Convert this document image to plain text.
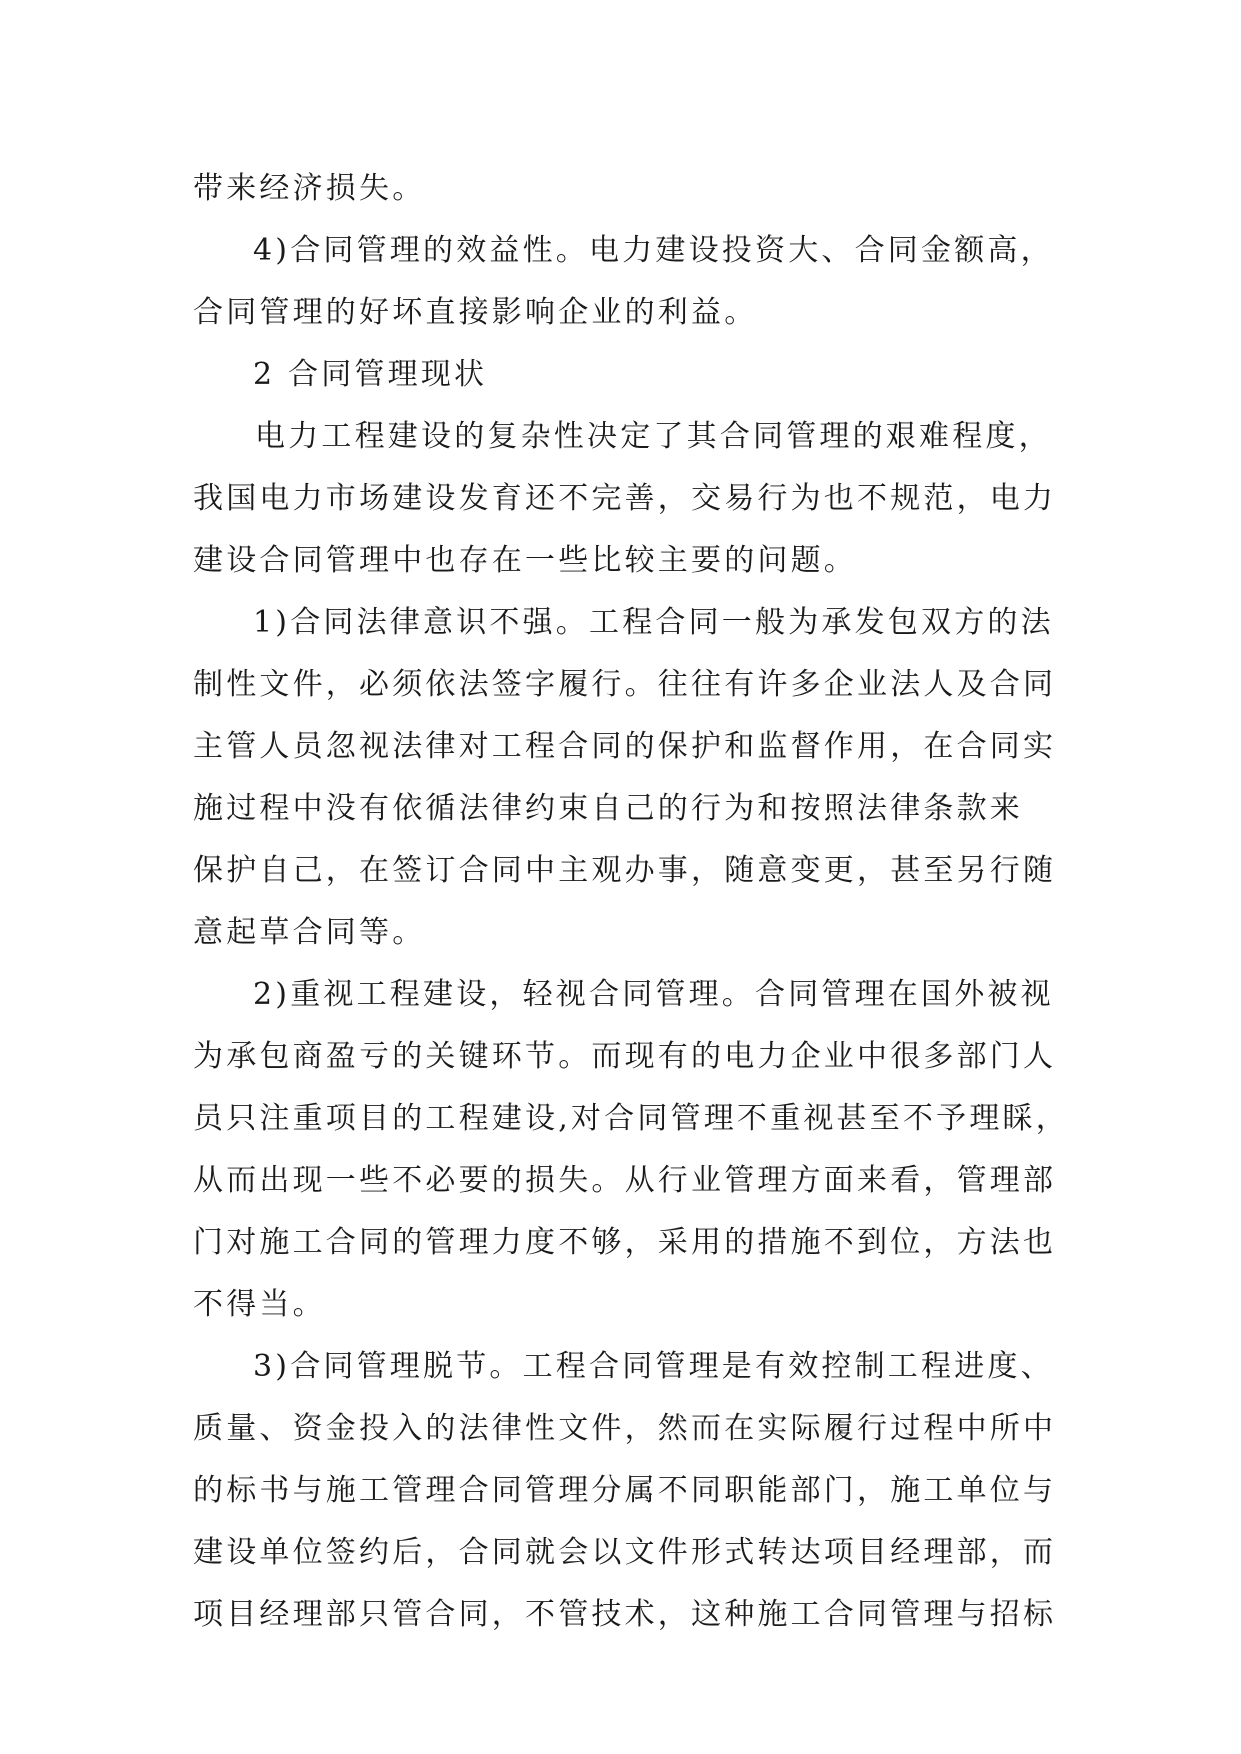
带来经济损失。
4)合同管理的效益性。电力建设投资大、合同金额高，
合同管理的好坏直接影响企业的利益。
2 合同管理现状
电力工程建设的复杂性决定了其合同管理的艰难程度，
我国电力市场建设发育还不完善，交易行为也不规范，电力
建设合同管理中也存在一些比较主要的问题。
1)合同法律意识不强。工程合同一般为承发包双方的法
制性文件，必须依法签字履行。往往有许多企业法人及合同
主管人员忽视法律对工程合同的保护和监督作用，在合同实
施过程中没有依循法律约束自己的行为和按照法律条款来
保护自己，在签订合同中主观办事，随意变更，甚至另行随
意起草合同等。
2)重视工程建设，轻视合同管理。合同管理在国外被视
为承包商盈亏的关键环节。而现有的电力企业中很多部门人
员只注重项目的工程建设,对合同管理不重视甚至不予理睬，
从而出现一些不必要的损失。从行业管理方面来看，管理部
门对施工合同的管理力度不够，采用的措施不到位，方法也
不得当。
3)合同管理脱节。工程合同管理是有效控制工程进度、
质量、资金投入的法律性文件，然而在实际履行过程中所中
的标书与施工管理合同管理分属不同职能部门，施工单位与
建设单位签约后，合同就会以文件形式转达项目经理部，而
项目经理部只管合同，不管技术，这种施工合同管理与招标
